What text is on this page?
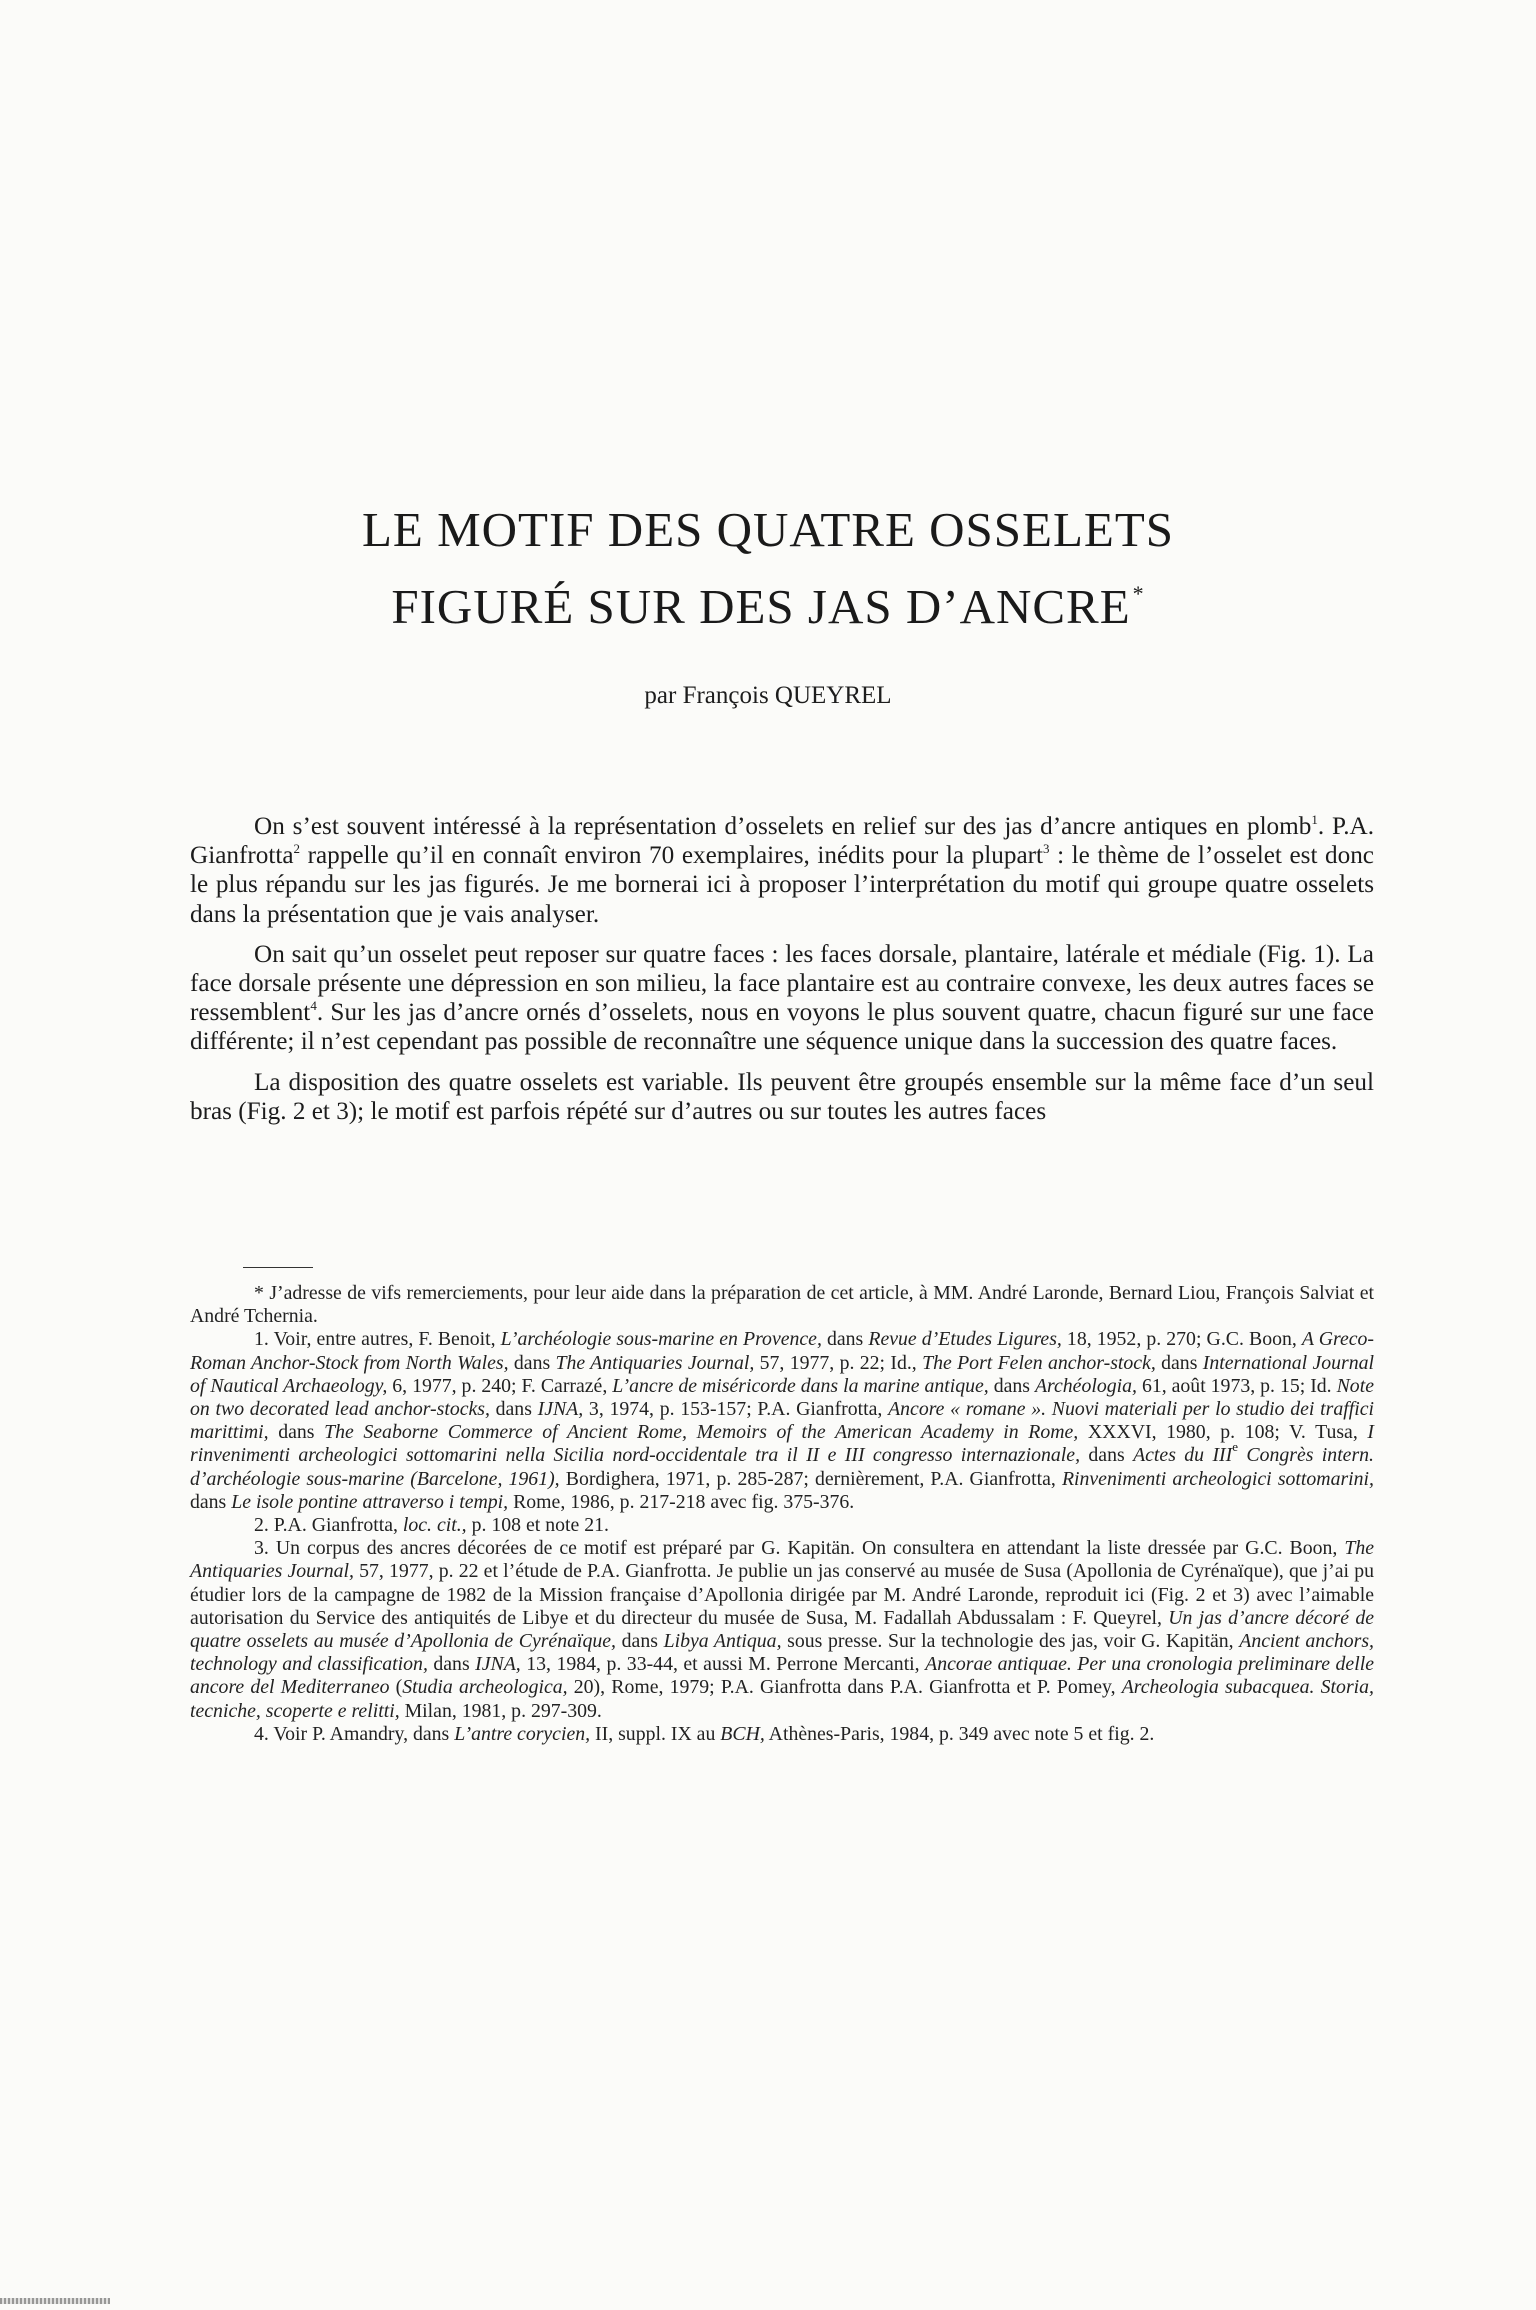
LE MOTIF DES QUATRE OSSELETS
FIGURÉ SUR DES JAS D’ANCRE*
par François QUEYREL

On s’est souvent intéressé à la représentation d’osselets en relief sur des jas d’ancre antiques en plomb$^1$. P.A. Gianfrotta$^2$ rappelle qu’il en connaît environ 70 exemplaires, inédits pour la plupart$^3$ : le thème de l’osselet est donc le plus répandu sur les jas figurés. Je me bornerai ici à proposer l’interprétation du motif qui groupe quatre osselets dans la présentation que je vais analyser.

On sait qu’un osselet peut reposer sur quatre faces : les faces dorsale, plantaire, latérale et médiale (Fig. 1). La face dorsale présente une dépression en son milieu, la face plantaire est au contraire convexe, les deux autres faces se ressemblent$^4$. Sur les jas d’ancre ornés d’osselets, nous en voyons le plus souvent quatre, chacun figuré sur une face différente; il n’est cependant pas possible de reconnaître une séquence unique dans la succession des quatre faces.

La disposition des quatre osselets est variable. Ils peuvent être groupés ensemble sur la même face d’un seul bras (Fig. 2 et 3); le motif est parfois répété sur d’autres ou sur toutes les autres faces

* J’adresse de vifs remerciements, pour leur aide dans la préparation de cet article, à MM. André Laronde, Bernard Liou, François Salviat et André Tchernia.

1. Voir, entre autres, F. Benoit, L’archéologie sous-marine en Provence, dans Revue d’Etudes Ligures, 18, 1952, p. 270; G.C. Boon, A Greco-Roman Anchor-Stock from North Wales, dans The Antiquaries Journal, 57, 1977, p. 22; Id., The Port Felen anchor-stock, dans International Journal of Nautical Archaeology, 6, 1977, p. 240; F. Carrazé, L’ancre de miséricorde dans la marine antique, dans Archéologia, 61, août 1973, p. 15; Id. Note on two decorated lead anchor-stocks, dans IJNA, 3, 1974, p. 153-157; P.A. Gianfrotta, Ancore « romane ». Nuovi materiali per lo studio dei traffici marittimi, dans The Seaborne Commerce of Ancient Rome, Memoirs of the American Academy in Rome, XXXVI, 1980, p. 108; V. Tusa, I rinvenimenti archeologici sottomarini nella Sicilia nord-occidentale tra il II e III congresso internazionale, dans Actes du IIIe Congrès intern. d’archéologie sous-marine (Barcelone, 1961), Bordighera, 1971, p. 285-287; dernièrement, P.A. Gianfrotta, Rinvenimenti archeologici sottomarini, dans Le isole pontine attraverso i tempi, Rome, 1986, p. 217-218 avec fig. 375-376.

2. P.A. Gianfrotta, loc. cit., p. 108 et note 21.

3. Un corpus des ancres décorées de ce motif est préparé par G. Kapitän. On consultera en attendant la liste dressée par G.C. Boon, The Antiquaries Journal, 57, 1977, p. 22 et l’étude de P.A. Gianfrotta. Je publie un jas conservé au musée de Susa (Apollonia de Cyrénaïque), que j’ai pu étudier lors de la campagne de 1982 de la Mission française d’Apollonia dirigée par M. André Laronde, reproduit ici (Fig. 2 et 3) avec l’aimable autorisation du Service des antiquités de Libye et du directeur du musée de Susa, M. Fadallah Abdussalam : F. Queyrel, Un jas d’ancre décoré de quatre osselets au musée d’Apollonia de Cyrénaïque, dans Libya Antiqua, sous presse. Sur la technologie des jas, voir G. Kapitän, Ancient anchors, technology and classification, dans IJNA, 13, 1984, p. 33-44, et aussi M. Perrone Mercanti, Ancorae antiquae. Per una cronologia preliminare delle ancore del Mediterraneo (Studia archeologica, 20), Rome, 1979; P.A. Gianfrotta dans P.A. Gianfrotta et P. Pomey, Archeologia subacquea. Storia, tecniche, scoperte e relitti, Milan, 1981, p. 297-309.

4. Voir P. Amandry, dans L’antre corycien, II, suppl. IX au BCH, Athènes-Paris, 1984, p. 349 avec note 5 et fig. 2.
